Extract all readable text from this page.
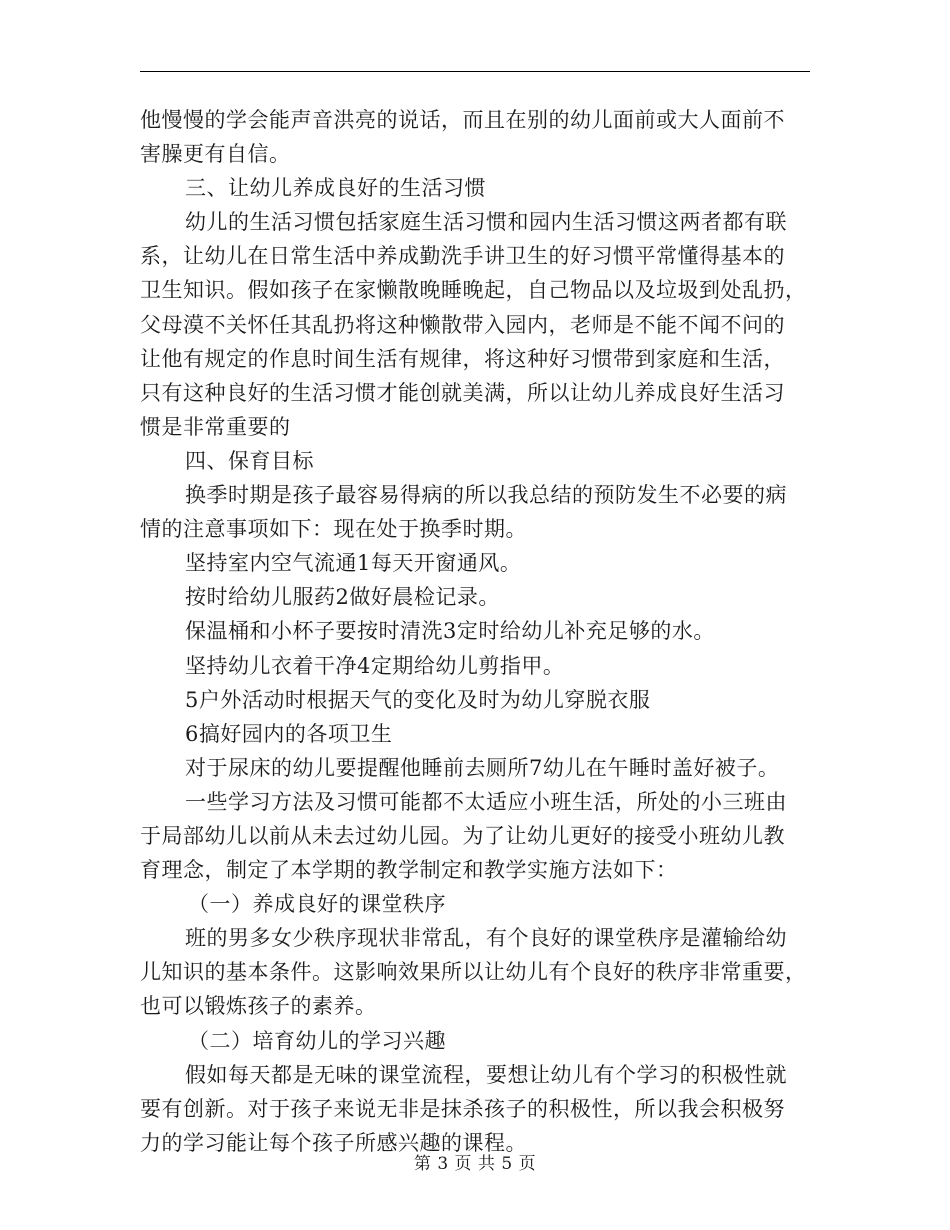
他慢慢的学会能声音洪亮的说话，而且在别的幼儿面前或大人面前不
害臊更有自信。
三、让幼儿养成良好的生活习惯
幼儿的生活习惯包括家庭生活习惯和园内生活习惯这两者都有联
系，让幼儿在日常生活中养成勤洗手讲卫生的好习惯平常懂得基本的
卫生知识。假如孩子在家懒散晚睡晚起，自己物品以及垃圾到处乱扔，
父母漠不关怀任其乱扔将这种懒散带入园内，老师是不能不闻不问的
让他有规定的作息时间生活有规律，将这种好习惯带到家庭和生活，
只有这种良好的生活习惯才能创就美满，所以让幼儿养成良好生活习
惯是非常重要的
四、保育目标
换季时期是孩子最容易得病的所以我总结的预防发生不必要的病
情的注意事项如下：现在处于换季时期。
坚持室内空气流通1每天开窗通风。
按时给幼儿服药2做好晨检记录。
保温桶和小杯子要按时清洗3定时给幼儿补充足够的水。
坚持幼儿衣着干净4定期给幼儿剪指甲。
5户外活动时根据天气的变化及时为幼儿穿脱衣服
6搞好园内的各项卫生
对于尿床的幼儿要提醒他睡前去厕所7幼儿在午睡时盖好被子。
一些学习方法及习惯可能都不太适应小班生活，所处的小三班由
于局部幼儿以前从未去过幼儿园。为了让幼儿更好的接受小班幼儿教
育理念，制定了本学期的教学制定和教学实施方法如下：
（一）养成良好的课堂秩序
班的男多女少秩序现状非常乱，有个良好的课堂秩序是灌输给幼
儿知识的基本条件。这影响效果所以让幼儿有个良好的秩序非常重要，
也可以锻炼孩子的素养。
（二）培育幼儿的学习兴趣
假如每天都是无味的课堂流程，要想让幼儿有个学习的积极性就
要有创新。对于孩子来说无非是抹杀孩子的积极性，所以我会积极努
力的学习能让每个孩子所感兴趣的课程。
第 3 页 共 5 页
